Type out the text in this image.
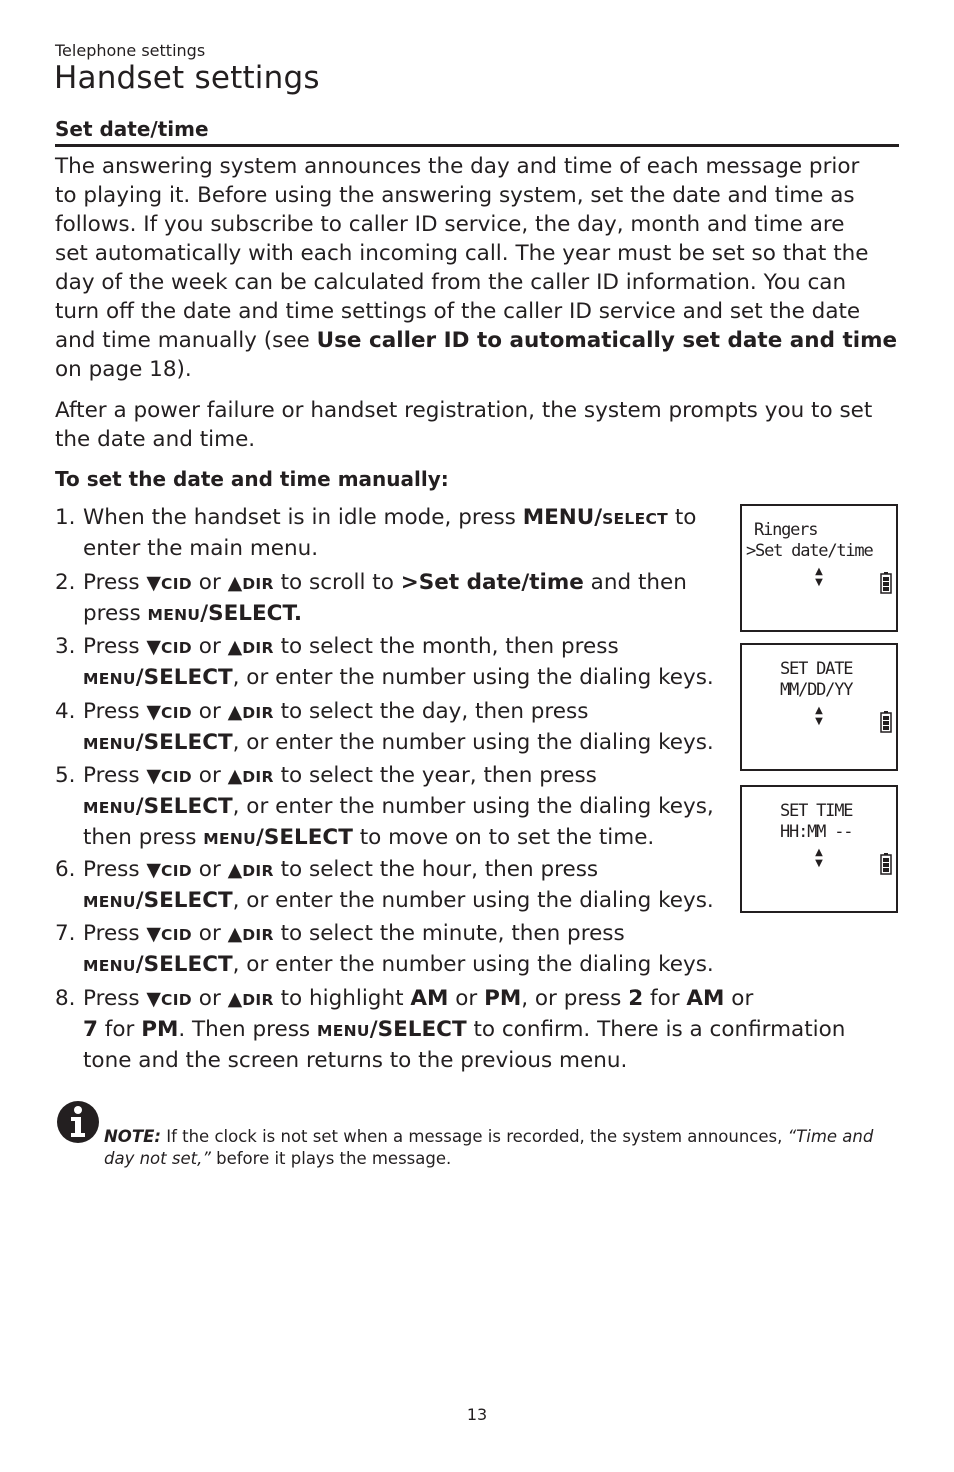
Telephone settings
Handset settings
Set date/time
The answering system announces the day and time of each message prior
to playing it. Before using the answering system, set the date and time as
follows. If you subscribe to caller ID service, the day, month and time are
set automatically with each incoming call. The year must be set so that the
day of the week can be calculated from the caller ID information. You can
turn off the date and time settings of the caller ID service and set the date
and time manually (see Use caller ID to automatically set date and time
on page 18).
After a power failure or handset registration, the system prompts you to set
the date and time.
To set the date and time manually:
1. When the handset is in idle mode, press MENU/SELECT to
enter the main menu.
2. Press ▼CID or ▲DIR to scroll to >Set date/time and then
press MENU/SELECT.
3. Press ▼CID or ▲DIR to select the month, then press
MENU/SELECT, or enter the number using the dialing keys.
4. Press ▼CID or ▲DIR to select the day, then press
MENU/SELECT, or enter the number using the dialing keys.
5. Press ▼CID or ▲DIR to select the year, then press
MENU/SELECT, or enter the number using the dialing keys,
then press MENU/SELECT to move on to set the time.
6. Press ▼CID or ▲DIR to select the hour, then press
MENU/SELECT, or enter the number using the dialing keys.
7. Press ▼CID or ▲DIR to select the minute, then press
MENU/SELECT, or enter the number using the dialing keys.
8. Press ▼CID or ▲DIR to highlight AM or PM, or press 2 for AM or
7 for PM. Then press MENU/SELECT to confirm. There is a confirmation
tone and the screen returns to the previous menu.
Ringers
>Set date/time
▲
▼
SET DATE
MM/DD/YY
▲
▼
SET TIME
HH:MM --
▲
▼
NOTE: If the clock is not set when a message is recorded, the system announces, “Time and
day not set,” before it plays the message.
13
